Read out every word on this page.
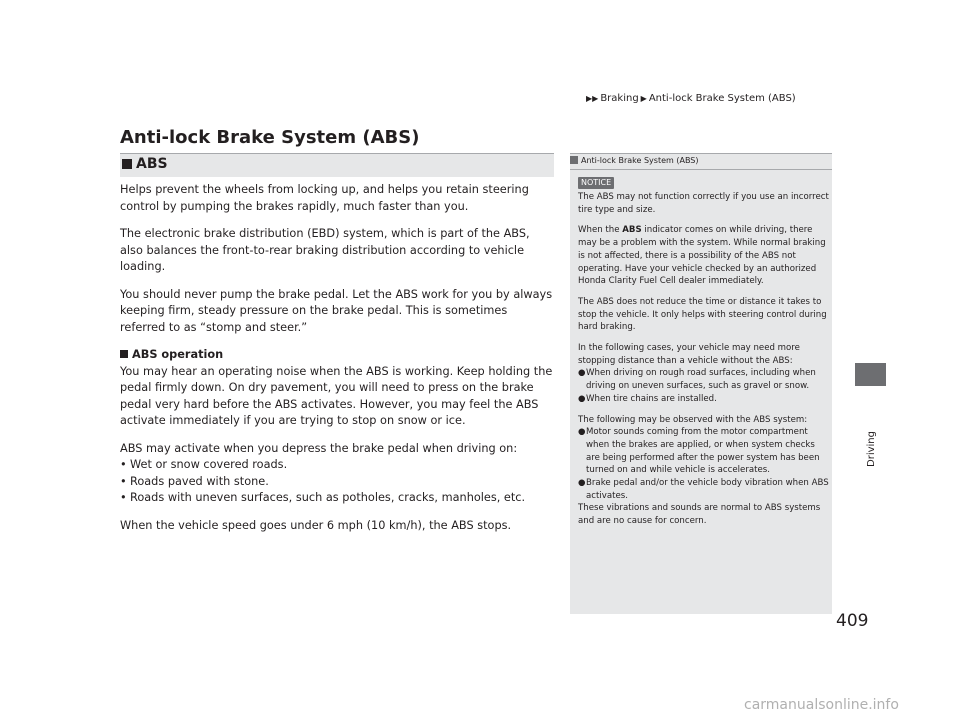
▶▶ Braking ▶ Anti-lock Brake System (ABS)
Driving
409
Anti-lock Brake System (ABS)
ABS

Helps prevent the wheels from locking up, and helps you retain steering control by pumping the brakes rapidly, much faster than you.

The electronic brake distribution (EBD) system, which is part of the ABS, also balances the front-to-rear braking distribution according to vehicle loading.

You should never pump the brake pedal. Let the ABS work for you by always keeping firm, steady pressure on the brake pedal. This is sometimes referred to as “stomp and steer.”

ABS operation

You may hear an operating noise when the ABS is working. Keep holding the pedal firmly down. On dry pavement, you will need to press on the brake pedal very hard before the ABS activates. However, you may feel the ABS activate immediately if you are trying to stop on snow or ice.

ABS may activate when you depress the brake pedal when driving on:

• Wet or snow covered roads.
• Roads paved with stone.
• Roads with uneven surfaces, such as potholes, cracks, manholes, etc.

When the vehicle speed goes under 6 mph (10 km/h), the ABS stops.

Anti-lock Brake System (ABS)
NOTICE

The ABS may not function correctly if you use an incorrect tire type and size.

When the ABS indicator comes on while driving, there may be a problem with the system. While normal braking is not affected, there is a possibility of the ABS not operating. Have your vehicle checked by an authorized Honda Clarity Fuel Cell dealer immediately.

The ABS does not reduce the time or distance it takes to stop the vehicle. It only helps with steering control during hard braking.

In the following cases, your vehicle may need more stopping distance than a vehicle without the ABS:

● When driving on rough road surfaces, including when driving on uneven surfaces, such as gravel or snow.
● When tire chains are installed.

The following may be observed with the ABS system:

● Motor sounds coming from the motor compartment when the brakes are applied, or when system checks are being performed after the power system has been turned on and while vehicle is accelerates.
● Brake pedal and/or the vehicle body vibration when ABS activates.

These vibrations and sounds are normal to ABS systems and are no cause for concern.

carmanualsonline.info
